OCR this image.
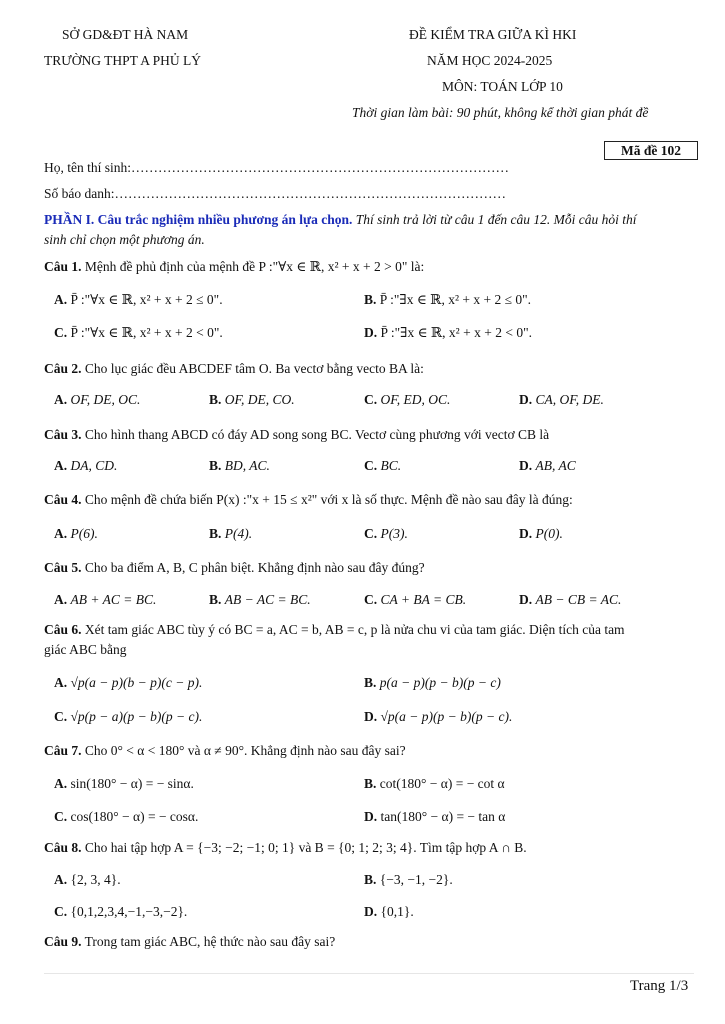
SỞ GD&ĐT HÀ NAM
TRƯỜNG THPT A PHỦ LÝ
ĐỀ KIỂM TRA GIỮA KÌ HKI
NĂM HỌC 2024-2025
MÔN: TOÁN LỚP 10
Thời gian làm bài: 90 phút, không kể thời gian phát đề
Mã đề 102
Họ, tên thí sinh:…………………………………………………………………………
Số báo danh:……………………………………………………………………………
PHẦN I. Câu trắc nghiệm nhiều phương án lựa chọn. Thí sinh trả lời từ câu 1 đến câu 12. Mỗi câu hỏi thí
sinh chỉ chọn một phương án.
Câu 1. Mệnh đề phủ định của mệnh đề P :"∀x ∈ ℝ, x² + x + 2 > 0" là:
A. P̄ :"∀x ∈ ℝ, x² + x + 2 ≤ 0".	B. P̄ :"∃x ∈ ℝ, x² + x + 2 ≤ 0".
C. P̄ :"∀x ∈ ℝ, x² + x + 2 < 0".	D. P̄ :"∃x ∈ ℝ, x² + x + 2 < 0".
Câu 2. Cho lục giác đều ABCDEF tâm O. Ba vectơ bằng vecto BA là:
A. OF, DE, OC.	B. OF, DE, CO.	C. OF, ED, OC.	D. CA, OF, DE.
Câu 3. Cho hình thang ABCD có đáy AD song song BC. Vectơ cùng phương với vectơ CB là
A. DA, CD.	B. BD, AC.	C. BC.	D. AB, AC
Câu 4. Cho mệnh đề chứa biến P(x) :"x + 15 ≤ x²" với x là số thực. Mệnh đề nào sau đây là đúng:
A. P(6).	B. P(4).	C. P(3).	D. P(0).
Câu 5. Cho ba điểm A, B, C phân biệt. Khẳng định nào sau đây đúng?
A. AB + AC = BC.	B. AB − AC = BC.	C. CA + BA = CB.	D. AB − CB = AC.
Câu 6. Xét tam giác ABC tùy ý có BC = a, AC = b, AB = c, p là nửa chu vi của tam giác. Diện tích của tam
giác ABC bằng
A. √p(a − p)(b − p)(c − p).	B. p(a − p)(p − b)(p − c)
C. √p(p − a)(p − b)(p − c).	D. √p(a − p)(p − b)(p − c).
Câu 7. Cho 0° < α < 180° và α ≠ 90°. Khẳng định nào sau đây sai?
A. sin(180° − α) = − sinα.	B. cot(180° − α) = − cot α
C. cos(180° − α) = − cosα.	D. tan(180° − α) = − tan α
Câu 8. Cho hai tập hợp A = {−3; −2; −1; 0; 1} và B = {0; 1; 2; 3; 4}. Tìm tập hợp A ∩ B.
A. {2, 3, 4}.	B. {−3, −1, −2}.
C. {0,1,2,3,4,−1,−3,−2}.	D. {0,1}.
Câu 9. Trong tam giác ABC, hệ thức nào sau đây sai?
Trang 1/3
